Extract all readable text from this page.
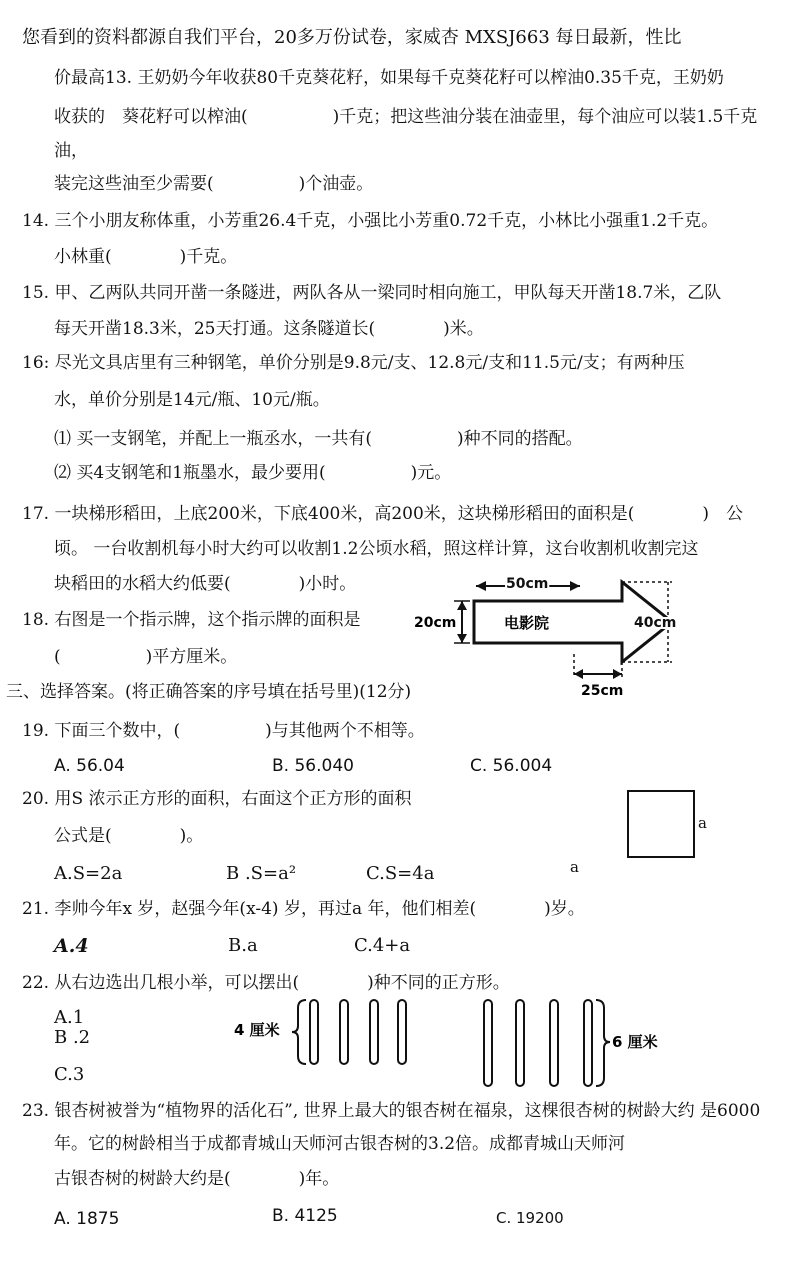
您看到的资料都源自我们平台，20多万份试卷，家威杏 MXSJ663 每日最新，性比
价最高13. 王奶奶今年收获80千克葵花籽，如果每千克葵花籽可以榨油0.35千克，王奶奶
收获的　葵花籽可以榨油(　　　　　)千克；把这些油分装在油壶里，每个油应可以装1.5千克
油，
装完这些油至少需要(　　　　　)个油壶。
14. 三个小朋友称体重，小芳重26.4千克，小强比小芳重0.72千克，小林比小强重1.2千克。
小林重(　　　　)千克。
15. 甲、乙两队共同开凿一条隧进，两队各从一梁同时相向施工，甲队每天开凿18.7米，乙队
每天开凿18.3米，25天打通。这条隧道长(　　　　)米。
16: 尽光文具店里有三种钢笔，单价分别是9.8元/支、12.8元/支和11.5元/支；有两种压
水，单价分别是14元/瓶、10元/瓶。
⑴ 买一支钢笔，并配上一瓶丞水，一共有(　　　　　)种不同的搭配。
⑵ 买4支钢笔和1瓶墨水，最少要用(　　　　　)元。
17. 一块梯形稻田，上底200米，下底400米，高200米，这块梯形稻田的面积是(　　　　)　公
顷。 一台收割机每小时大约可以收割1.2公顷水稻，照这样计算，这台收割机收割完这
块稻田的水稻大约低要(　　　　)小时。
18. 右图是一个指示牌，这个指示牌的面积是
(　　　　　)平方厘米。
电影院
50cm
20cm	40cm
25cm
三、选择答案。(将正确答案的序号填在括号里)(12分)
19. 下面三个数中，(　　　　　)与其他两个不相等。
A. 56.04	B. 56.040	C. 56.004
20. 用S 浓示正方形的面积，右面这个正方形的面积
公式是(　　　　)。
A.S=2a	B .S=a²	C.S=4a
a
a
21. 李帅今年x 岁，赵强今年(x-4) 岁，再过a 年，他们相差(　　　　)岁。
A.4	B.a	C.4+a
22. 从右边选出几根小举，可以摆出(　　　　)种不同的正方形。
A.1
B .2
C.3
4 厘米
6 厘米
23. 银杏树被誉为“植物界的活化石”, 世界上最大的银杏树在福泉，这棵很杏树的树龄大约 是6000
年。它的树龄相当于成都青城山天师河古银杏树的3.2倍。成都青城山天师河
古银杏树的树龄大约是(　　　　)年。
A. 1875	B. 4125	C. 19200
